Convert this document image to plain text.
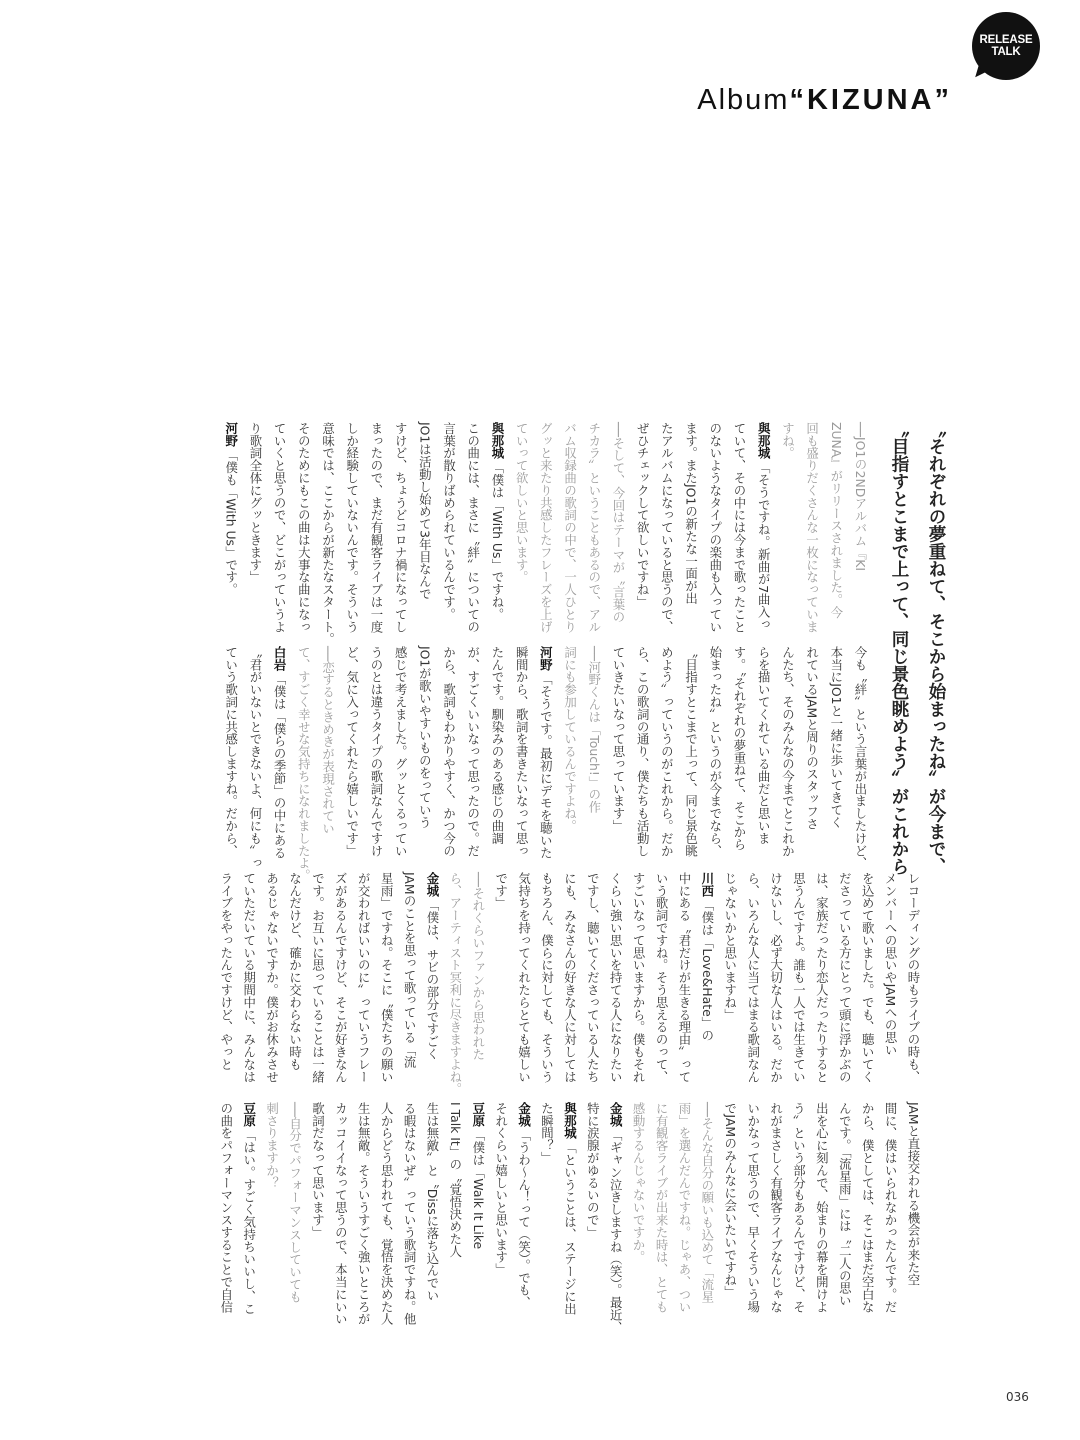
RELEASE
TALK
Album“KIZUNA”
〝それぞれの夢重ねて、そこから始まったね〟が今まで、
〝目指すとこまで上って、同じ景色眺めよう〟がこれから
──JO1の2NDアルバム『KI
ZUNA』がリリースされました。今
回も盛りだくさんな一枚になっていま
すね。
與那城「そうですね。新曲が7曲入っ
ていて、その中には今まで歌ったこと
のないようなタイプの楽曲も入ってい
ます。またJO1の新たな一面が出
たアルバムになっていると思うので、
ぜひチェックして欲しいですね」
──そして、今回はテーマが〝言葉の
チカラ〟ということもあるので、アル
バム収録曲の歌詞の中で、一人ひとり
グッと来たり共感したフレーズを上げ
ていって欲しいと思います。
與那城「僕は「With Us」ですね。
この曲には、まさに〝絆〟についての
言葉が散りばめられているんです。
JO1は活動し始めて3年目なんで
すけど、ちょうどコロナ禍になってし
まったので、まだ有観客ライブは一度
しか経験していないんです。そういう
意味では、ここからが新たなスタート。
そのためにもこの曲は大事な曲になっ
ていくと思うので、どこがっていうよ
り歌詞全体にグッときます」
河野「僕も「With Us」です。
今も〝絆〟という言葉が出ましたけど、
本当にJO1と一緒に歩いてきてく
れているJAMと周りのスタッフさ
んたち、そのみんなの今までとこれか
らを描いてくれている曲だと思いま
す。〝それぞれの夢重ねて、そこから
始まったね〟というのが今までなら、
〝目指すとこまで上って、同じ景色眺
めよう〟っていうのがこれから。だか
ら、この歌詞の通り、僕たちも活動し
ていきたいなって思っています」
──河野くんは「Touch!」の作
詞にも参加しているんですよね。
河野「そうです。最初にデモを聴いた
瞬間から、歌詞を書きたいなって思っ
たんです。馴染みのある感じの曲調
が、すごくいいなって思ったので。だ
から、歌詞もわかりやすく、かつ今の
JO1が歌いやすいものをっていう
感じで考えました。グッとくるってい
うのとは違うタイプの歌詞なんですけ
ど、気に入ってくれたら嬉しいです」
──恋するときめきが表現されてい
て、すごく幸せな気持ちになれましたよ。
白岩「僕は「僕らの季節」の中にある
〝君がいないとできないよ、何にも〟っ
ていう歌詞に共感しますね。だから、
レコーディングの時もライブの時も、
メンバーへの思いやJAMへの思い
を込めて歌いました。でも、聴いてく
ださっている方にとって頭に浮かぶの
は、家族だったり恋人だったりすると
思うんですよ。誰も一人では生きてい
けないし、必ず大切な人はいる。だか
ら、いろんな人に当てはまる歌詞なん
じゃないかと思いますね」
川西「僕は「Love&Hate」の
中にある〝君だけが生きる理由〟って
いう歌詞ですね。そう思えるのって、
すごいなって思いますから。僕もそれ
くらい強い思いを持てる人になりたい
ですし、聴いてくださっている人たち
にも、みなさんの好きな人に対しては
もちろん、僕らに対しても、そういう
気持ちを持ってくれたらとても嬉しい
です」
──それくらいファンから思われた
ら、アーティスト冥利に尽きますよね。
金城「僕は、サビの部分ですごく
JAMのことを思って歌っている「流
星雨」ですね。そこに〝僕たちの願い
が交わればいいのに〟っていうフレー
ズがあるんですけど、そこが好きなん
です。お互いに思っていることは一緒
なんだけど、確かに交わらない時も
あるじゃないですか。僕がお休みさせ
ていただいている期間中に、みんなは
ライブをやったんですけど、やっと
JAMと直接交われる機会が来た空
間に、僕はいられなかったんです。だ
から、僕としては、そこはまだ空白な
んです。「流星雨」には〝二人の思い
出を心に刻んで、始まりの幕を開けよ
う〟という部分もあるんですけど、そ
れがまさしく有観客ライブなんじゃな
いかなって思うので、早くそういう場
でJAMのみんなに会いたいですね」
──そんな自分の願いも込めて「流星
雨」を選んだんですね。じゃあ、つい
に有観客ライブが出来た時は、とても
感動するんじゃないですか。
金城「ギャン泣きしますね（笑）。最近、
特に涙腺がゆるいので」
與那城「ということは、ステージに出
た瞬間？」
金城「うわ〜ん！って（笑）。でも、
それくらい嬉しいと思います」
豆原「僕は「Walk It Like
I Talk It」の〝覚悟決めた人
生は無敵〟と〝Dissに落ち込んでい
る暇はないぜ〟っていう歌詞ですね。他
人からどう思われても、覚悟を決めた人
生は無敵。そういうすごく強いところが
カッコイイなって思うので、本当にいい
歌詞だなって思います」
──自分でパフォーマンスしていても
刺さりますか？
豆原「はい。すごく気持ちいいし、こ
の曲をパフォーマンスすることで自信
036
